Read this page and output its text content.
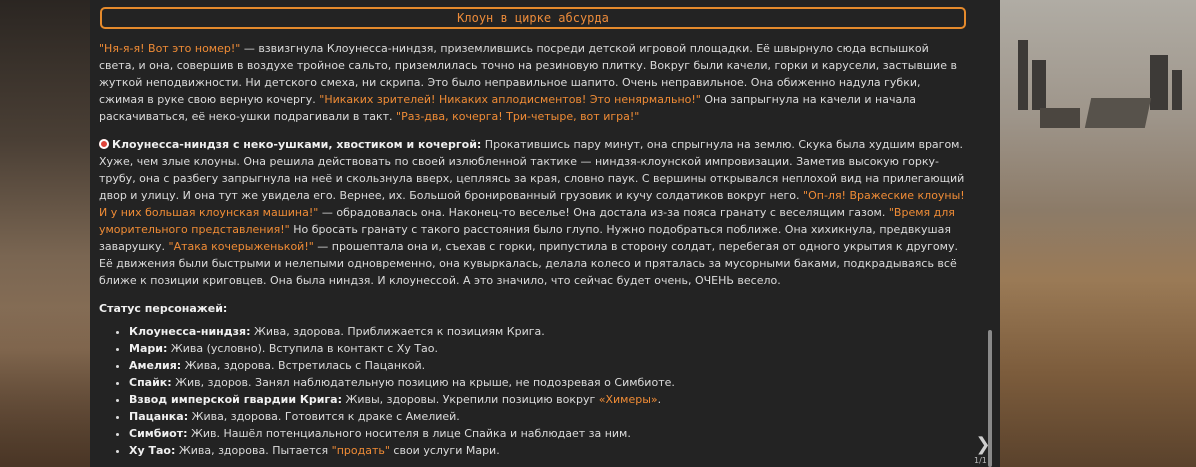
Клоун в цирке абсурда

"Ня-я-я! Вот это номер!" — взвизгнула Клоунесса-ниндзя, приземлившись посреди детской игровой площадки. Её швырнуло сюда вспышкой света, и она, совершив в воздухе тройное сальто, приземлилась точно на резиновую плитку. Вокруг были качели, горки и карусели, застывшие в жуткой неподвижности. Ни детского смеха, ни скрипа. Это было неправильное шапито. Очень неправильное. Она обиженно надула губки, сжимая в руке свою верную кочергу. "Никаких зрителей! Никаких аплодисментов! Это ненярмально!" Она запрыгнула на качели и начала раскачиваться, её неко-ушки подрагивали в такт. "Раз-два, кочерга! Три-четыре, вот игра!"

Клоунесса-ниндзя с неко-ушками, хвостиком и кочергой: Прокатившись пару минут, она спрыгнула на землю. Скука была худшим врагом. Хуже, чем злые клоуны. Она решила действовать по своей излюбленной тактике — ниндзя-клоунской импровизации. Заметив высокую горку-трубу, она с разбегу запрыгнула на неё и скользнула вверх, цепляясь за края, словно паук. С вершины открывался неплохой вид на прилегающий двор и улицу. И она тут же увидела его. Вернее, их. Большой бронированный грузовик и кучу солдатиков вокруг него. "Оп-ля! Вражеские клоуны! И у них большая клоунская машина!" — обрадовалась она. Наконец-то веселье! Она достала из-за пояса гранату с веселящим газом. "Время для уморительного представления!" Но бросать гранату с такого расстояния было глупо. Нужно подобраться поближе. Она хихикнула, предвкушая заварушку. "Атака кочерыженькой!" — прошептала она и, съехав с горки, припустила в сторону солдат, перебегая от одного укрытия к другому. Её движения были быстрыми и нелепыми одновременно, она кувыркалась, делала колесо и пряталась за мусорными баками, подкрадываясь всё ближе к позиции криговцев. Она была ниндзя. И клоунессой. А это значило, что сейчас будет очень, ОЧЕНЬ весело.

Статус персонажей:
• Клоунесса-ниндзя: Жива, здорова. Приближается к позициям Крига.
• Мари: Жива (условно). Вступила в контакт с Ху Тао.
• Амелия: Жива, здорова. Встретилась с Пацанкой.
• Спайк: Жив, здоров. Занял наблюдательную позицию на крыше, не подозревая о Симбиоте.
• Взвод имперской гвардии Крига: Живы, здоровы. Укрепили позицию вокруг «Химеры».
• Пацанка: Жива, здорова. Готовится к драке с Амелией.
• Симбиот: Жив. Нашёл потенциального носителя в лице Спайка и наблюдает за ним.
• Ху Тао: Жива, здорова. Пытается "продать" свои услуги Мари.	❯
1/1
